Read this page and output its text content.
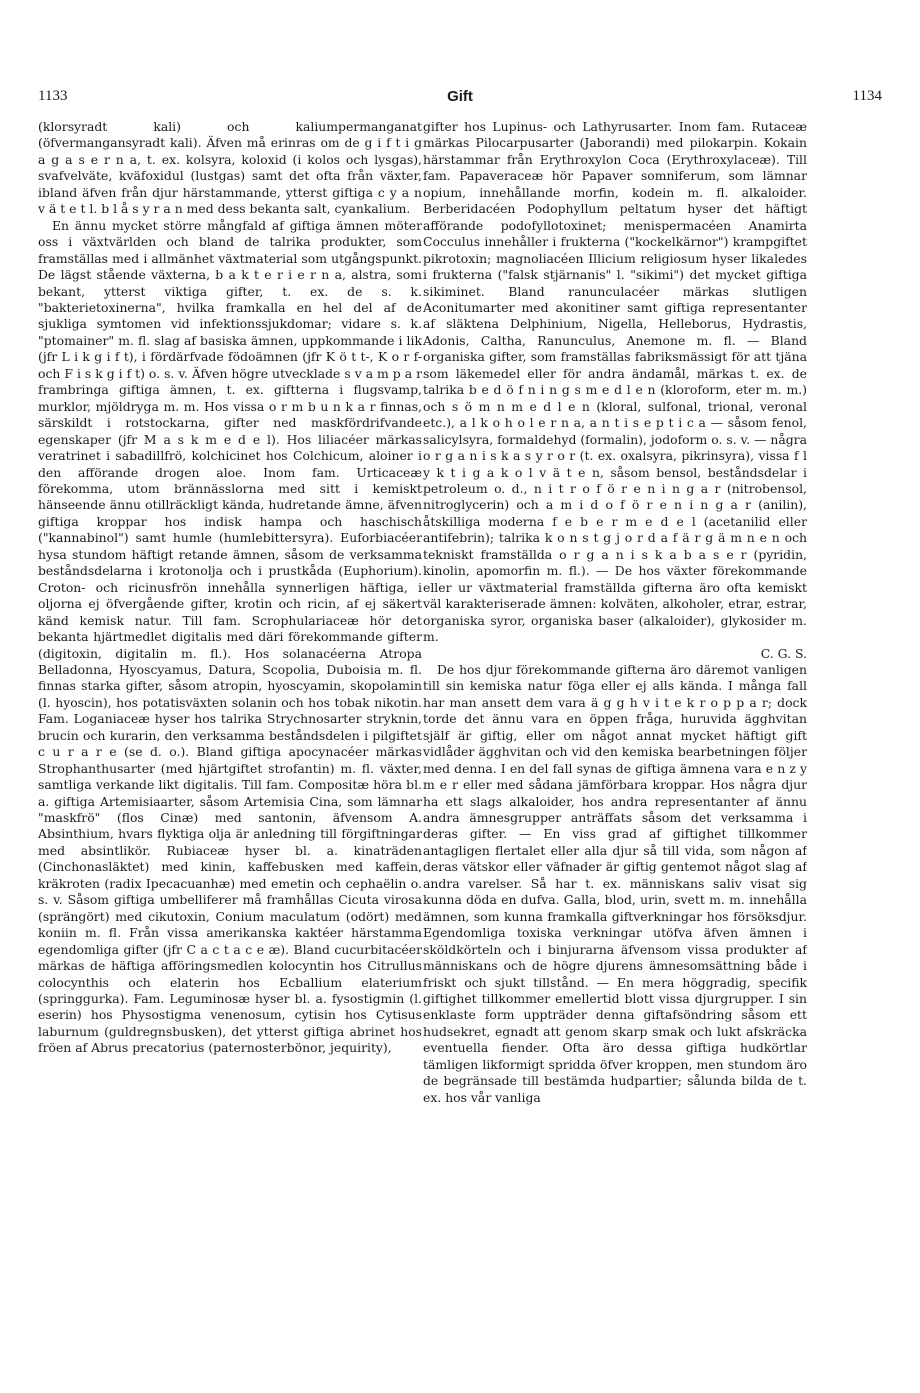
1133	Gift	1134

(klorsyradt kali) och kaliumpermanganat (öfvermangansyradt kali). Äfven må erinras om de g i f t i g a g a s e r n a, t. ex. kolsyra, koloxid (i kolos och lysgas), svafvelväte, kväfoxidul (lustgas) samt det ofta från växter, ibland äfven från djur härstammande, ytterst giftiga c y a n v ä t e t l. b l å s y r a n med dess bekanta salt, cyankalium.

En ännu mycket större mångfald af giftiga ämnen möter oss i växtvärlden och bland de talrika produkter, som framställas med i allmänhet växtmaterial som utgångspunkt. De lägst stående växterna, b a k t e r i e r n a, alstra, som bekant, ytterst viktiga gifter, t. ex. de s. k. "bakterietoxinerna", hvilka framkalla en hel del af de sjukliga symtomen vid infektionssjukdomar; vidare s. k. "ptomainer" m. fl. slag af basiska ämnen, uppkommande i lik (jfr L i k g i f t), i fördärfvade födoämnen (jfr K ö t t-, K o r f- och F i s k g i f t) o. s. v. Äfven högre utvecklade s v a m p a r frambringa giftiga ämnen, t. ex. giftterna i flugsvamp, murklor, mjöldryga m. m. Hos vissa o r m b u n k a r finnas, särskildt i rotstockarna, gifter ned maskfördrifvande egenskaper (jfr M a s k m e d e l). Hos liliacéer märkas veratrinet i sabadillfrö, kolchicinet hos Colchicum, aloiner i den afförande drogen aloe. Inom fam. Urticaceæ förekomma, utom brännässlorna med sitt i kemiskt hänseende ännu otillräckligt kända, hudretande ämne, äfven giftiga kroppar hos indisk hampa och haschisch ("kannabinol") samt humle (humlebittersyra). Euforbiacéer hysa stundom häftigt retande ämnen, såsom de verksamma beståndsdelarna i krotonolja och i prustkåda (Euphorium). Croton- och ricinusfrön innehålla synnerligen häftiga, i oljorna ej öfvergående gifter, krotin och ricin, af ej säkert känd kemisk natur. Till fam. Scrophulariaceæ hör det bekanta hjärtmedlet digitalis med däri förekommande gifter (digitoxin, digitalin m. fl.). Hos solanacéerna Atropa Belladonna, Hyoscyamus, Datura, Scopolia, Duboisia m. fl. finnas starka gifter, såsom atropin, hyoscyamin, skopolamin (l. hyoscin), hos potatisväxten solanin och hos tobak nikotin. Fam. Loganiaceæ hyser hos talrika Strychnosarter stryknin, brucin och kurarin, den verksamma beståndsdelen i pilgiftet c u r a r e (se d. o.). Bland giftiga apocynacéer märkas Strophanthusarter (med hjärtgiftet strofantin) m. fl. växter, samtliga verkande likt digitalis. Till fam. Compositæ höra bl. a. giftiga Artemisiaarter, såsom Artemisia Cina, som lämnar "maskfrö" (flos Cinæ) med santonin, äfvensom A. Absinthium, hvars flyktiga olja är anledning till förgiftningar med absintlikör. Rubiaceæ hyser bl. a. kinaträden (Cinchonasläktet) med kinin, kaffebusken med kaffein, kräkroten (radix Ipecacuanhæ) med emetin och cephaëlin o. s. v. Såsom giftiga umbelliferer må framhållas Cicuta virosa (sprängört) med cikutoxin, Conium maculatum (odört) med koniin m. fl. Från vissa amerikanska kaktéer härstamma egendomliga gifter (jfr C a c t a c e æ). Bland cucurbitacéer märkas de häftiga afföringsmedlen kolocyntin hos Citrullus colocynthis och elaterin hos Ecballium elaterium (springgurka). Fam. Leguminosæ hyser bl. a. fysostigmin (l. eserin) hos Physostigma venenosum, cytisin hos Cytisus laburnum (guldregnsbusken), det ytterst giftiga abrinet hos fröen af Abrus precatorius (paternosterbönor, jequirity),

gifter hos Lupinus- och Lathyrusarter. Inom fam. Rutaceæ märkas Pilocarpusarter (Jaborandi) med pilokarpin. Kokain härstammar från Erythroxylon Coca (Erythroxylaceæ). Till fam. Papaveraceæ hör Papaver somniferum, som lämnar opium, innehållande morfin, kodein m. fl. alkaloider. Berberidacéen Podophyllum peltatum hyser det häftigt afförande podofyllotoxinet; menispermacéen Anamirta Cocculus innehåller i frukterna ("kockelkärnor") krampgiftet pikrotoxin; magnoliacéen Illicium religiosum hyser likaledes i frukterna ("falsk stjärnanis" l. "sikimi") det mycket giftiga sikiminet. Bland ranunculacéer märkas slutligen Aconitumarter med akonitiner samt giftiga representanter af släktena Delphinium, Nigella, Helleborus, Hydrastis, Adonis, Caltha, Ranunculus, Anemone m. fl. — Bland organiska gifter, som framställas fabriksmässigt för att tjäna som läkemedel eller för andra ändamål, märkas t. ex. de talrika b e d ö f n i n g s m e d l e n (kloroform, eter m. m.) och s ö m n m e d l e n (kloral, sulfonal, trional, veronal etc.), a l k o h o l e r n a, a n t i s e p t i c a — såsom fenol, salicylsyra, formaldehyd (formalin), jodoform o. s. v. — några o r g a n i s k a s y r o r (t. ex. oxalsyra, pikrinsyra), vissa f l y k t i g a k o l v ä t e n, såsom bensol, beståndsdelar i petroleum o. d., n i t r o f ö r e n i n g a r (nitrobensol, nitroglycerin) och a m i d o f ö r e n i n g a r (anilin), åtskilliga moderna f e b e r m e d e l (acetanilid eller antifebrin); talrika k o n s t g j o r d a f ä r g ä m n e n och tekniskt framställda o r g a n i s k a b a s e r (pyridin, kinolin, apomorfin m. fl.). — De hos växter förekommande eller ur växtmaterial framställda gifterna äro ofta kemiskt väl karakteriserade ämnen: kolväten, alkoholer, etrar, estrar, organiska syror, organiska baser (alkaloider), glykosider m. m.

C. G. S.

De hos djur förekommande gifterna äro däremot vanligen till sin kemiska natur föga eller ej alls kända. I många fall har man ansett dem vara ä g g h v i t e k r o p p a r; dock torde det ännu vara en öppen fråga, huruvida ägghvitan själf är giftig, eller om något annat mycket häftigt gift vidlåder ägghvitan och vid den kemiska bearbetningen följer med denna. I en del fall synas de giftiga ämnena vara e n z y m e r eller med sådana jämförbara kroppar. Hos några djur ha ett slags alkaloider, hos andra representanter af ännu andra ämnesgrupper anträffats såsom det verksamma i deras gifter. — En viss grad af giftighet tillkommer antagligen flertalet eller alla djur så till vida, som någon af deras vätskor eller väfnader är giftig gentemot något slag af andra varelser. Så har t. ex. människans saliv visat sig kunna döda en dufva. Galla, blod, urin, svett m. m. innehålla ämnen, som kunna framkalla giftverkningar hos försöksdjur. Egendomliga toxiska verkningar utöfva äfven ämnen i sköldkörteln och i binjurarna äfvensom vissa produkter af människans och de högre djurens ämnesomsättning både i friskt och sjukt tillstånd. — En mera höggradig, specifik giftighet tillkommer emellertid blott vissa djurgrupper. I sin enklaste form uppträder denna giftafsöndring såsom ett hudsekret, egnadt att genom skarp smak och lukt afskräcka eventuella fiender. Ofta äro dessa giftiga hudkörtlar tämligen likformigt spridda öfver kroppen, men stundom äro de begränsade till bestämda hudpartier; sålunda bilda de t. ex. hos vår vanliga
